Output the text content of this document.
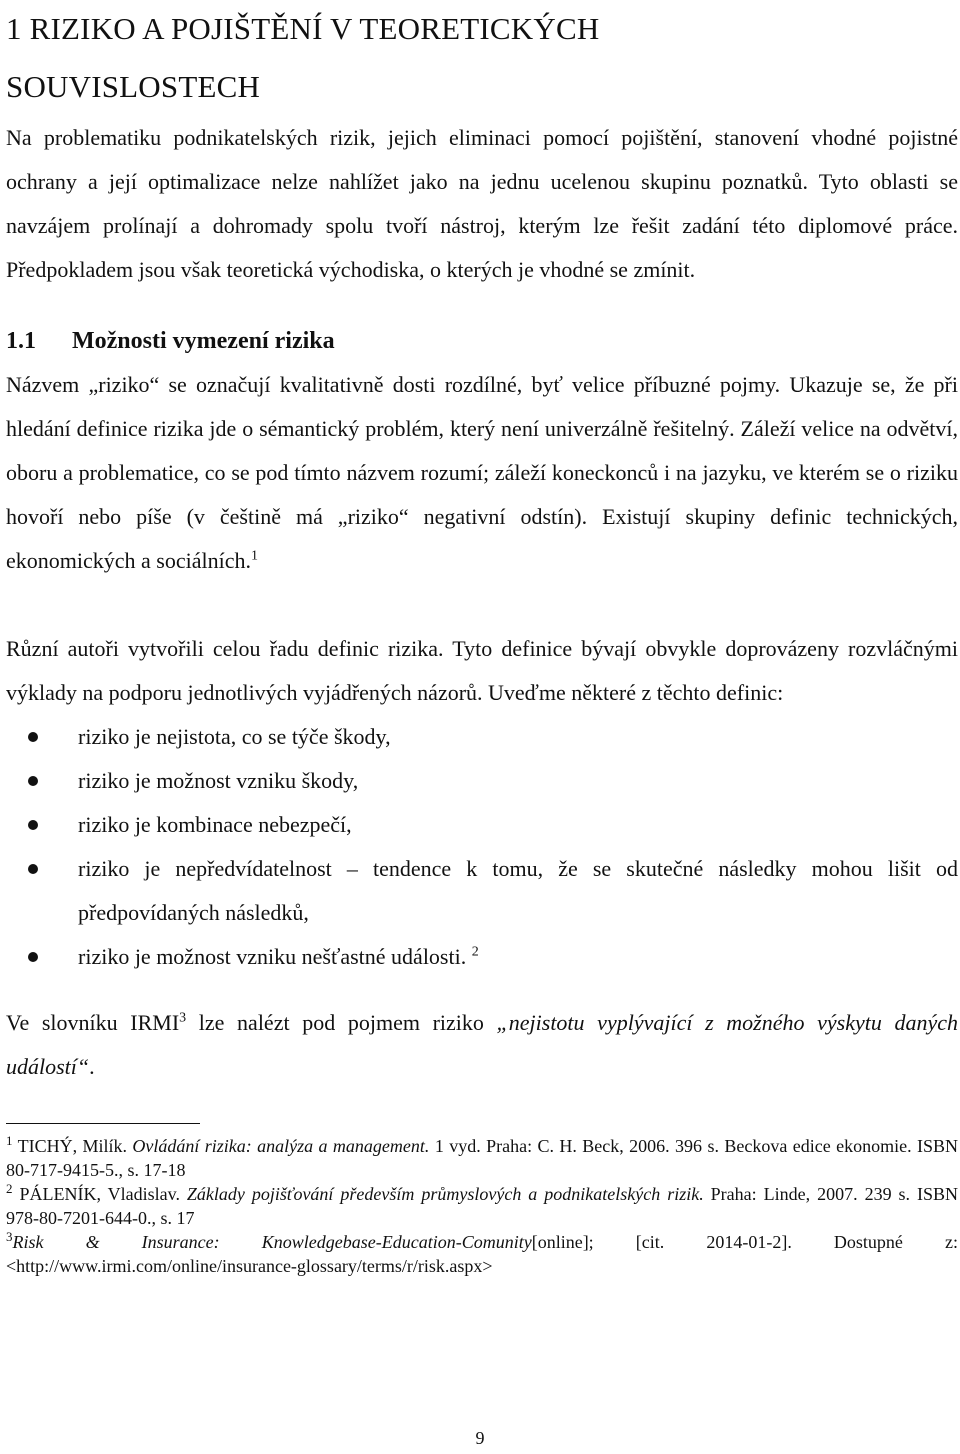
1 RIZIKO A POJIŠTĚNÍ V TEORETICKÝCH
SOUVISLOSTECH

Na problematiku podnikatelských rizik, jejich eliminaci pomocí pojištění, stanovení vhodné pojistné ochrany a její optimalizace nelze nahlížet jako na jednu ucelenou skupinu poznatků. Tyto oblasti se navzájem prolínají a dohromady spolu tvoří nástroj, kterým lze řešit zadání této diplomové práce. Předpokladem jsou však teoretická východiska, o kterých je vhodné se zmínit.

1.1 Možnosti vymezení rizika

Názvem „riziko“ se označují kvalitativně dosti rozdílné, byť velice příbuzné pojmy. Ukazuje se, že při hledání definice rizika jde o sémantický problém, který není univerzálně řešitelný. Záleží velice na odvětví, oboru a problematice, co se pod tímto názvem rozumí; záleží koneckonců i na jazyku, ve kterém se o riziku hovoří nebo píše (v češtině má „riziko“ negativní odstín). Existují skupiny definic technických, ekonomických a sociálních.$^1$

Různí autoři vytvořili celou řadu definic rizika. Tyto definice bývají obvykle doprovázeny rozvláčnými výklady na podporu jednotlivých vyjádřených názorů. Uveďme některé z těchto definic:

riziko je nejistota, co se týče škody,
riziko je možnost vzniku škody,
riziko je kombinace nebezpečí,
riziko je nepředvídatelnost – tendence k tomu, že se skutečné následky mohou lišit od předpovídaných následků,
riziko je možnost vzniku nešťastné události. $^2$

Ve slovníku IRMI$^3$ lze nalézt pod pojmem riziko „nejistotu vyplývající z možného výskytu daných událostí“.

$^1$ TICHÝ, Milík. Ovládání rizika: analýza a management. 1 vyd. Praha: C. H. Beck, 2006. 396 s. Beckova edice ekonomie. ISBN 80-717-9415-5., s. 17-18

$^2$ PÁLENÍK, Vladislav. Základy pojišťování především průmyslových a podnikatelských rizik. Praha: Linde, 2007. 239 s. ISBN 978-80-7201-644-0., s. 17

$^3$Risk & Insurance: Knowledgebase-Education-Comunity[online]; [cit. 2014-01-2]. Dostupné z: <http://www.irmi.com/online/insurance-glossary/terms/r/risk.aspx>

9
